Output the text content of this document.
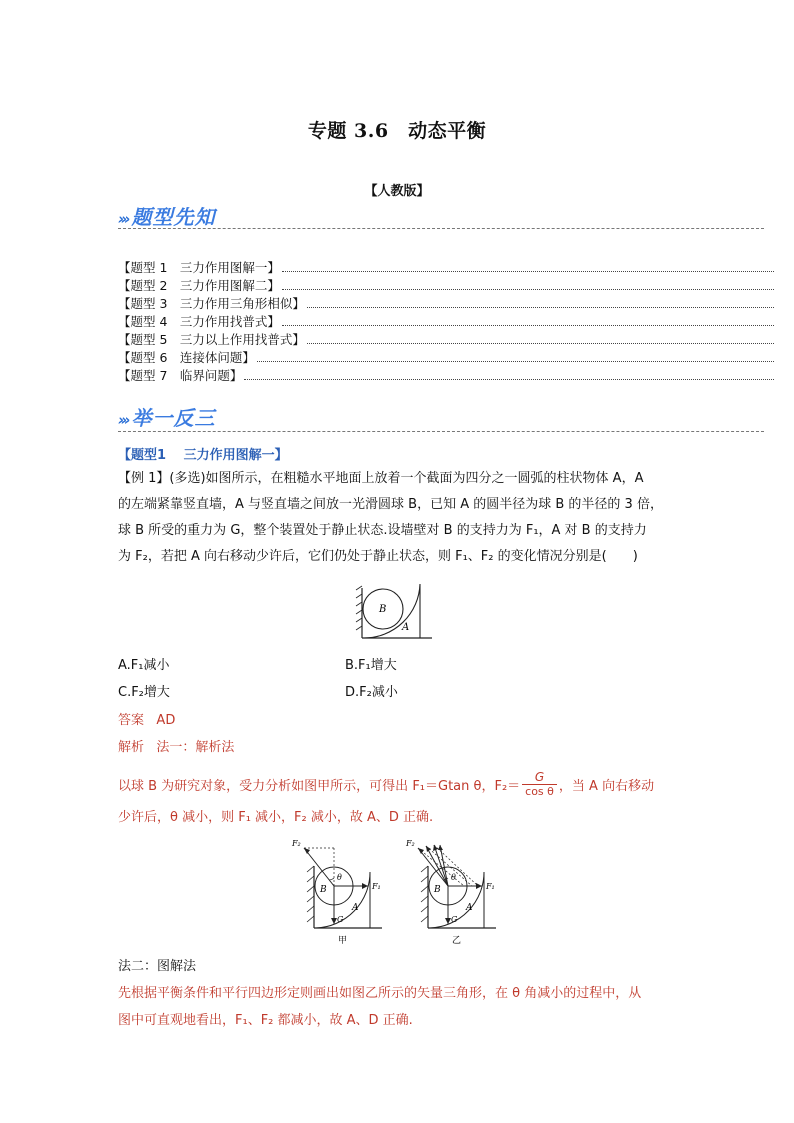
专题 3.6　动态平衡
【人教版】
››› 题型先知
【题型 1　三力作用图解一】
【题型 2　三力作用图解二】
【题型 3　三力作用三角形相似】
【题型 4　三力作用找普式】
【题型 5　三力以上作用找普式】
【题型 6　连接体问题】
【题型 7　临界问题】
››› 举一反三
【题型1　 三力作用图解一】
【例 1】(多选)如图所示，在粗糙水平地面上放着一个截面为四分之一圆弧的柱状物体 A，A
的左端紧靠竖直墙，A 与竖直墙之间放一光滑圆球 B，已知 A 的圆半径为球 B 的半径的 3 倍，
球 B 所受的重力为 G，整个装置处于静止状态.设墙壁对 B 的支持力为 F₁，A 对 B 的支持力
为 F₂，若把 A 向右移动少许后，它们仍处于静止状态，则 F₁、F₂ 的变化情况分别是(　　)
B
A
A.F₁减小	B.F₁增大
C.F₂增大	D.F₂减小
答案 AD
解析 法一：解析法
以球 B 为研究对象，受力分析如图甲所示，可得出 F₁＝Gtan θ，$F_2= \frac{G}{\text{cos θ}}$ ，当 A 向右移动
少许后，θ 减小，则 F₁ 减小，F₂ 减小，故 A、D 正确.
F₂
F₁
G
θ
B
A
甲
F₂
F₁
G
θ
B
A
乙
法二：图解法
先根据平衡条件和平行四边形定则画出如图乙所示的矢量三角形，在 θ 角减小的过程中，从
图中可直观地看出，F₁、F₂ 都减小，故 A、D 正确.
